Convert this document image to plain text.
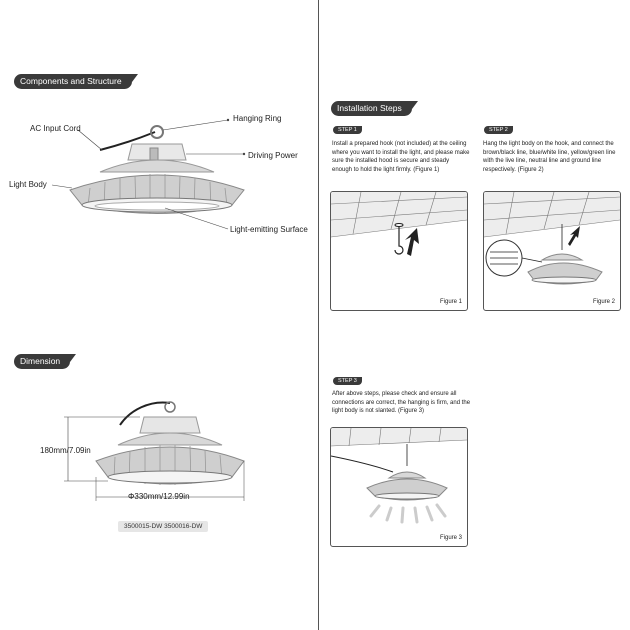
Components and Structure
AC Input Cord
Hanging Ring
Driving Power
Light Body
Light-emitting Surface
Dimension
180mm/7.09in
Φ330mm/12.99in
3500015-DW 3500016-DW
Installation Steps
STEP 1
Install a prepared hook (not included) at the ceiling where you want to install the light, and please make sure the installed hood is secure and steady enough to hold the light firmly. (Figure 1)
Figure 1
STEP 2
Hang the light body on the hook, and connect the brown/black line, blue/white line, yellow/green line with the live line, neutral line and ground line respectively. (Figure 2)
Figure 2
STEP 3
After above steps, please check and ensure all connections are correct, the hanging is firm, and the light body is not slanted. (Figure 3)
Figure 3
